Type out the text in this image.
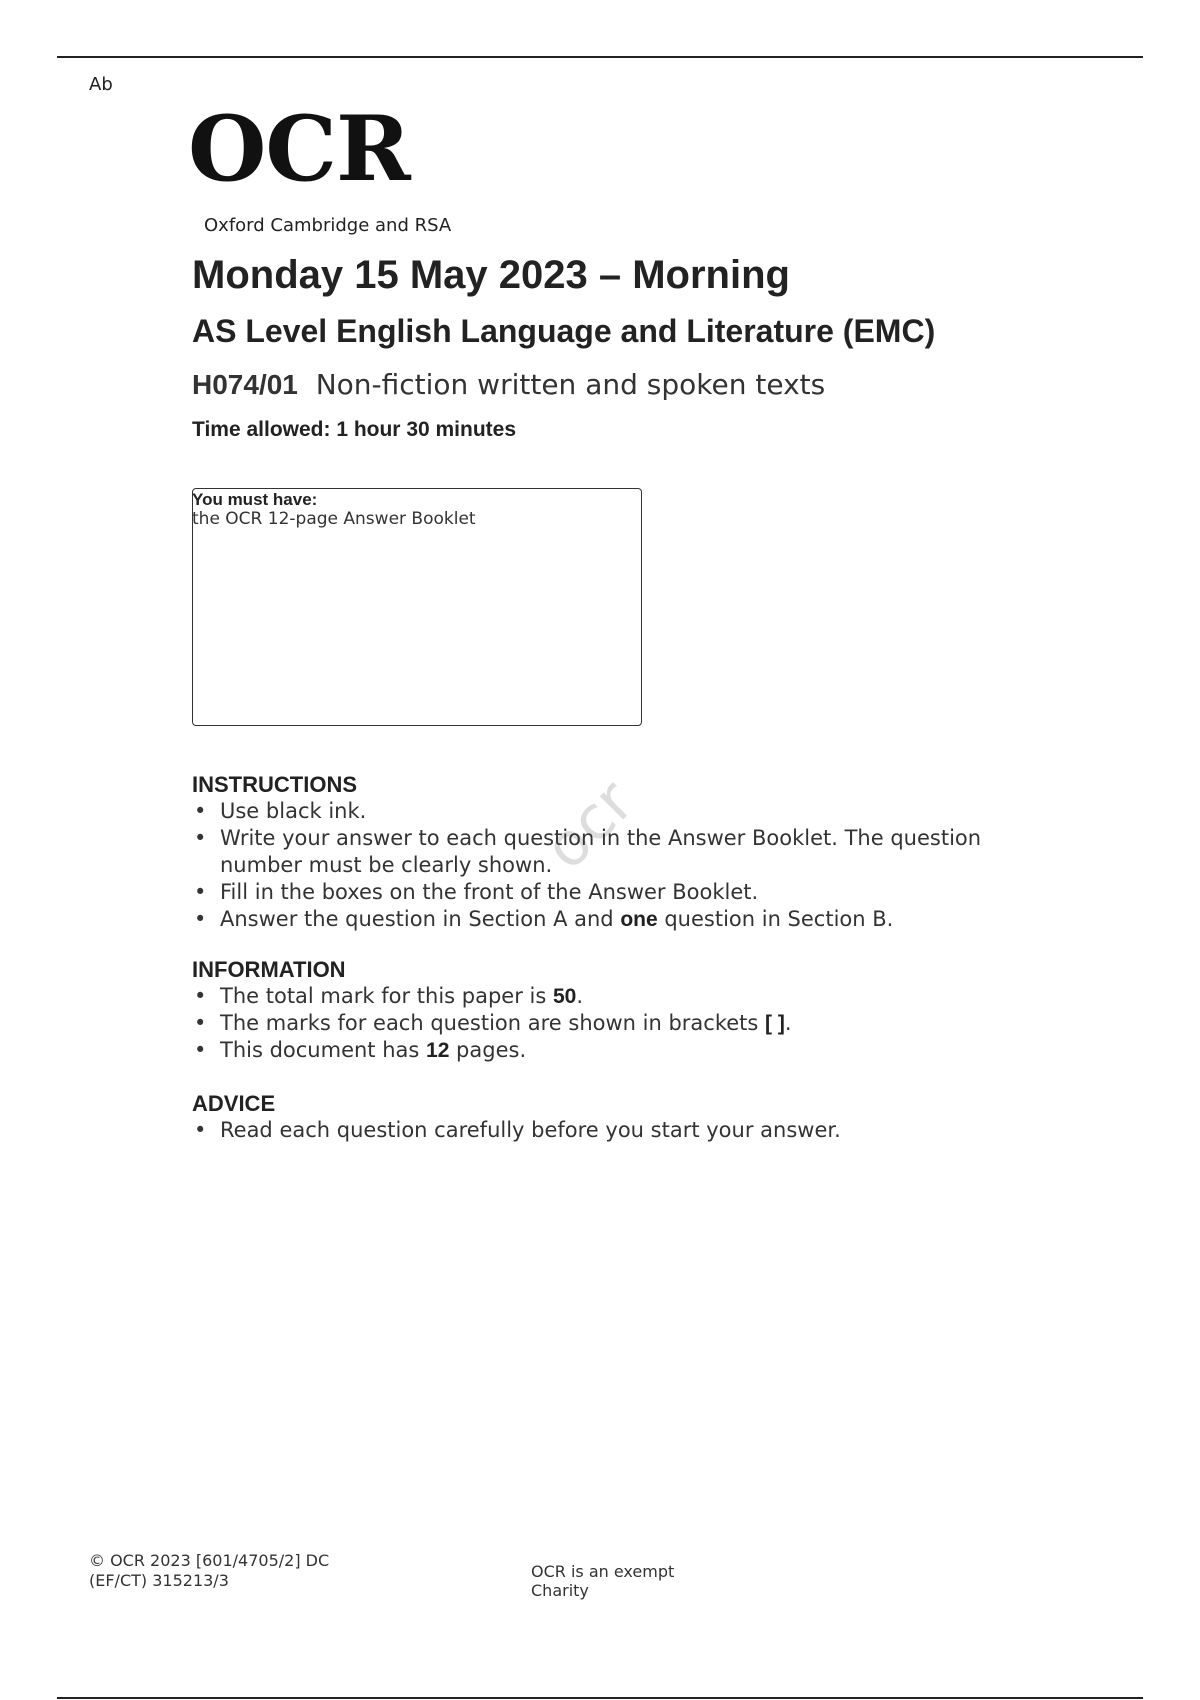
Ab
OCR
Oxford Cambridge and RSA
Monday 15 May 2023 – Morning
AS Level English Language and Literature (EMC)
H074/01 Non-fiction written and spoken texts
Time allowed: 1 hour 30 minutes
You must have:
the OCR 12-page Answer Booklet
ocr
INSTRUCTIONS
• Use black ink.
• Write your answer to each question in the Answer Booklet. The question number must be clearly shown.
• Fill in the boxes on the front of the Answer Booklet.
• Answer the question in Section A and one question in Section B.
INFORMATION
• The total mark for this paper is 50.
• The marks for each question are shown in brackets [ ].
• This document has 12 pages.
ADVICE
• Read each question carefully before you start your answer.
© OCR 2023 [601/4705/2] DC
(EF/CT) 315213/3	OCR is an exempt
Charity
